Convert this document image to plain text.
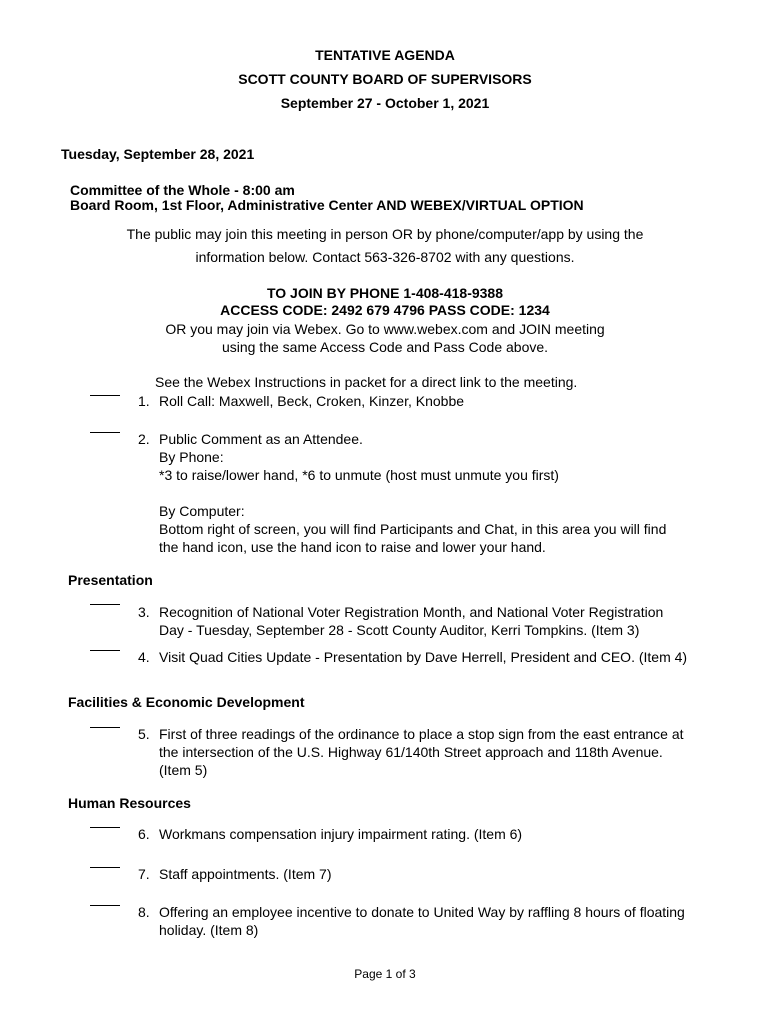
TENTATIVE AGENDA
SCOTT COUNTY BOARD OF SUPERVISORS
September 27 - October 1, 2021
Tuesday, September 28, 2021
Committee of the Whole - 8:00 am
Board Room, 1st Floor, Administrative Center AND WEBEX/VIRTUAL OPTION
The public may join this meeting in person OR by phone/computer/app by using the
information below. Contact 563-326-8702 with any questions.
TO JOIN BY PHONE 1-408-418-9388
ACCESS CODE: 2492 679 4796 PASS CODE: 1234
OR you may join via Webex. Go to www.webex.com and JOIN meeting
using the same Access Code and Pass Code above.
See the Webex Instructions in packet for a direct link to the meeting.
1. Roll Call: Maxwell, Beck, Croken, Kinzer, Knobbe
2. Public Comment as an Attendee.
By Phone:
*3 to raise/lower hand, *6 to unmute (host must unmute you first)
By Computer:
Bottom right of screen, you will find Participants and Chat, in this area you will find
the hand icon, use the hand icon to raise and lower your hand.
Presentation
3. Recognition of National Voter Registration Month, and National Voter Registration
Day - Tuesday, September 28 - Scott County Auditor, Kerri Tompkins. (Item 3)
4. Visit Quad Cities Update - Presentation by Dave Herrell, President and CEO. (Item 4)
Facilities & Economic Development
5. First of three readings of the ordinance to place a stop sign from the east entrance at
the intersection of the U.S. Highway 61/140th Street approach and 118th Avenue.
(Item 5)
Human Resources
6. Workmans compensation injury impairment rating. (Item 6)
7. Staff appointments. (Item 7)
8. Offering an employee incentive to donate to United Way by raffling 8 hours of floating
holiday. (Item 8)
Page 1 of 3
